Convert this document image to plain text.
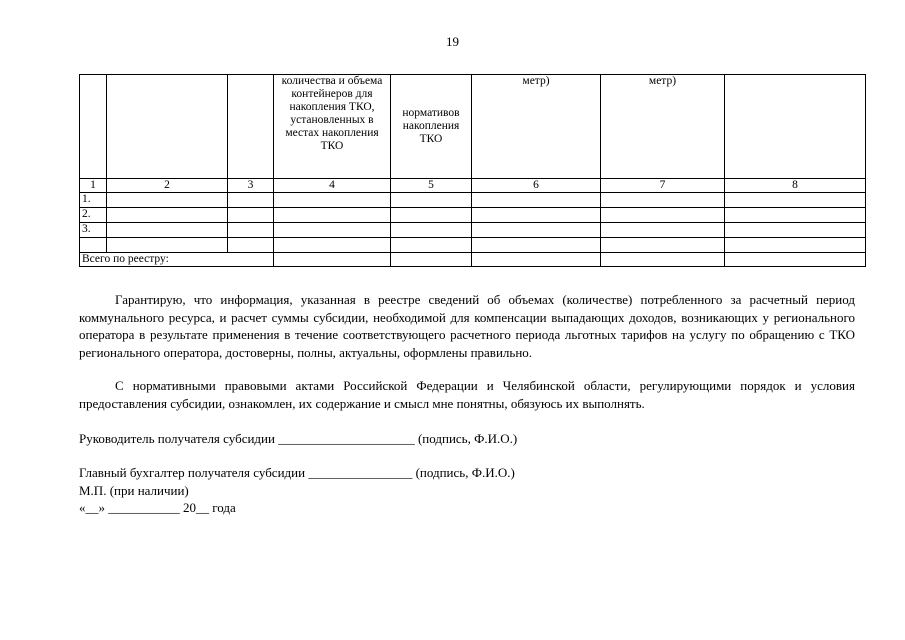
19
			количества и объема контейнеров для накопления ТКО, установленных в местах накопления ТКО	нормативов накопления ТКО	метр)	метр)	
1	2	3	4	5	6	7	8
1.							
2.							
3.							

Всего по реестру:							
Гарантирую, что информация, указанная в реестре сведений об объемах (количестве) потребленного за расчетный период коммунального ресурса, и расчет суммы субсидии, необходимой для компенсации выпадающих доходов, возникающих у регионального оператора в результате применения в течение соответствующего расчетного периода льготных тарифов на услугу по обращению с ТКО регионального оператора, достоверны, полны, актуальны, оформлены правильно.
С нормативными правовыми актами Российской Федерации и Челябинской области, регулирующими порядок и условия предоставления субсидии, ознакомлен, их содержание и смысл мне понятны, обязуюсь их выполнять.
Руководитель получателя субсидии _____________________ (подпись, Ф.И.О.)
Главный бухгалтер получателя субсидии ________________ (подпись, Ф.И.О.)
М.П. (при наличии)
«__» ___________ 20__ года
